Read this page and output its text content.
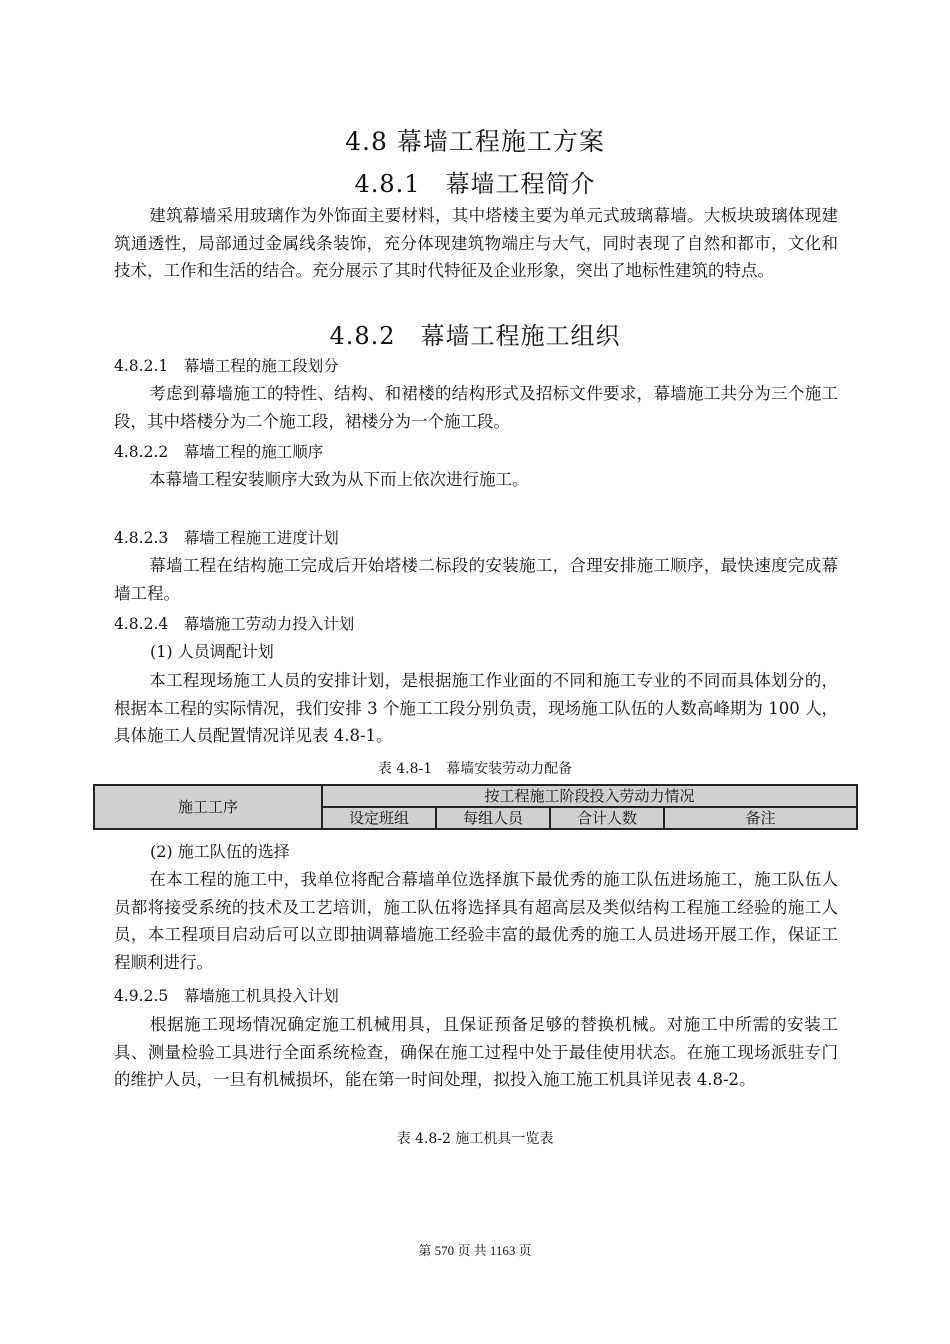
4.8 幕墙工程施工方案
4.8.1　幕墙工程简介
建筑幕墙采用玻璃作为外饰面主要材料，其中塔楼主要为单元式玻璃幕墙。大板块玻璃体现建筑通透性，局部通过金属线条装饰，充分体现建筑物端庄与大气，同时表现了自然和都市，文化和技术，工作和生活的结合。充分展示了其时代特征及企业形象，突出了地标性建筑的特点。
4.8.2　幕墙工程施工组织
4.8.2.1　幕墙工程的施工段划分
考虑到幕墙施工的特性、结构、和裙楼的结构形式及招标文件要求，幕墙施工共分为三个施工段，其中塔楼分为二个施工段，裙楼分为一个施工段。
4.8.2.2　幕墙工程的施工顺序
本幕墙工程安装顺序大致为从下而上依次进行施工。
4.8.2.3　幕墙工程施工进度计划
幕墙工程在结构施工完成后开始塔楼二标段的安装施工，合理安排施工顺序，最快速度完成幕墙工程。
4.8.2.4　幕墙施工劳动力投入计划
(1) 人员调配计划
本工程现场施工人员的安排计划，是根据施工作业面的不同和施工专业的不同而具体划分的，根据本工程的实际情况，我们安排 3 个施工工段分别负责，现场施工队伍的人数高峰期为 100 人，具体施工人员配置情况详见表 4.8-1。
表 4.8-1　幕墙安装劳动力配备
施工工序	按工程施工阶段投入劳动力情况			
	设定班组	每组人员	合计人数	备注
(2) 施工队伍的选择
在本工程的施工中，我单位将配合幕墙单位选择旗下最优秀的施工队伍进场施工，施工队伍人员都将接受系统的技术及工艺培训，施工队伍将选择具有超高层及类似结构工程施工经验的施工人员，本工程项目启动后可以立即抽调幕墙施工经验丰富的最优秀的施工人员进场开展工作，保证工程顺利进行。
4.9.2.5　幕墙施工机具投入计划
根据施工现场情况确定施工机械用具，且保证预备足够的替换机械。对施工中所需的安装工具、测量检验工具进行全面系统检查，确保在施工过程中处于最佳使用状态。在施工现场派驻专门的维护人员，一旦有机械损坏，能在第一时间处理，拟投入施工施工机具详见表 4.8-2。
表 4.8-2 施工机具一览表
第 570 页 共 1163 页
